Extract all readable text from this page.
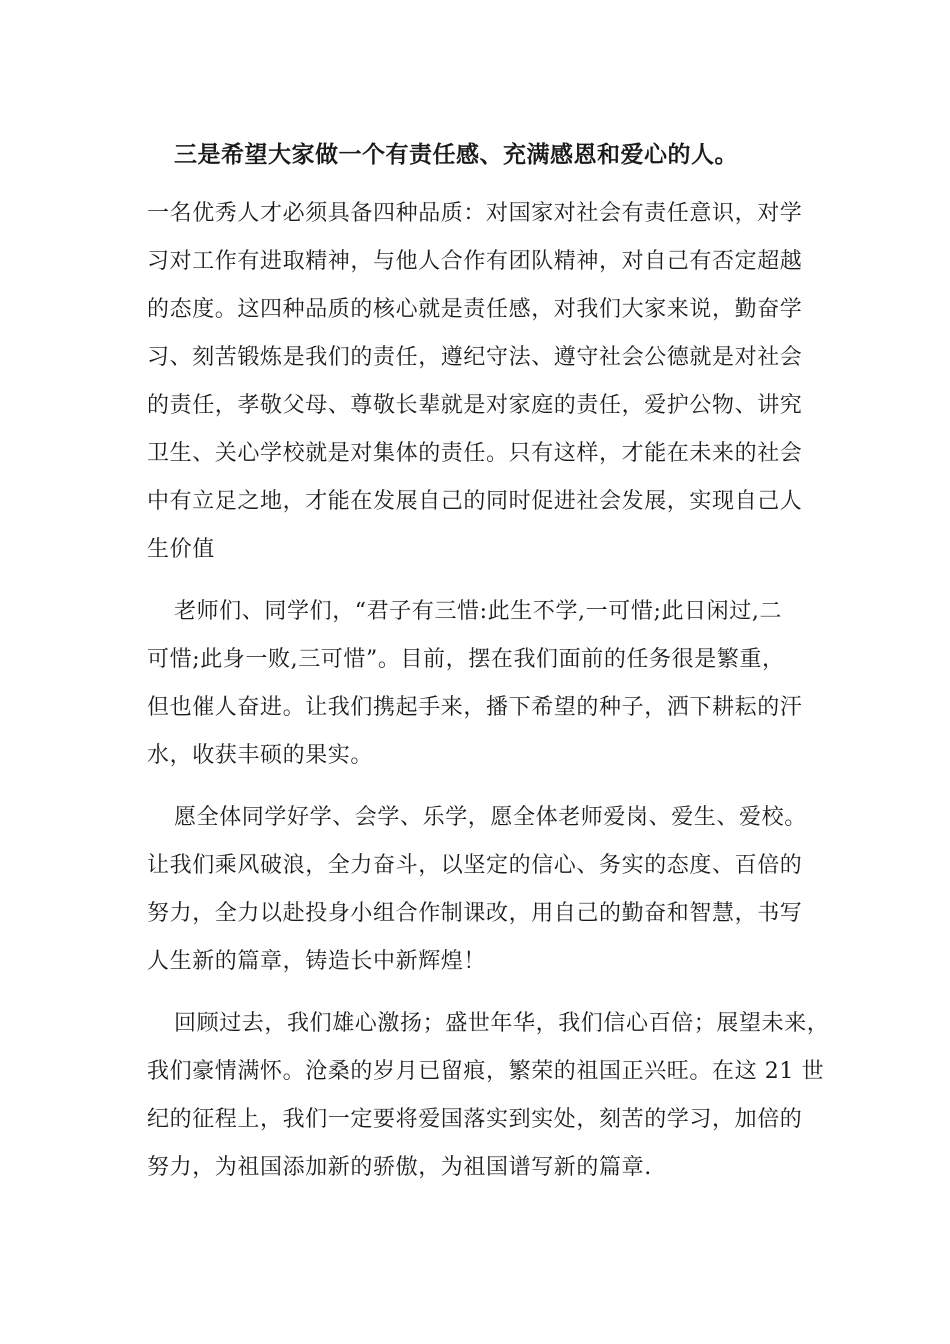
三是希望大家做一个有责任感、充满感恩和爱心的人。
一名优秀人才必须具备四种品质：对国家对社会有责任意识，对学
习对工作有进取精神，与他人合作有团队精神，对自己有否定超越
的态度。这四种品质的核心就是责任感，对我们大家来说，勤奋学
习、刻苦锻炼是我们的责任，遵纪守法、遵守社会公德就是对社会
的责任，孝敬父母、尊敬长辈就是对家庭的责任，爱护公物、讲究
卫生、关心学校就是对集体的责任。只有这样，才能在未来的社会
中有立足之地，才能在发展自己的同时促进社会发展，实现自己人
生价值
老师们、同学们，“君子有三惜:此生不学,一可惜;此日闲过,二
可惜;此身一败,三可惜”。目前，摆在我们面前的任务很是繁重，
但也催人奋进。让我们携起手来，播下希望的种子，洒下耕耘的汗
水，收获丰硕的果实。
愿全体同学好学、会学、乐学，愿全体老师爱岗、爱生、爱校。
让我们乘风破浪，全力奋斗，以坚定的信心、务实的态度、百倍的
努力，全力以赴投身小组合作制课改，用自己的勤奋和智慧，书写
人生新的篇章，铸造长中新辉煌！
回顾过去，我们雄心激扬；盛世年华，我们信心百倍；展望未来，
我们豪情满怀。沧桑的岁月已留痕，繁荣的祖国正兴旺。在这 21 世
纪的征程上，我们一定要将爱国落实到实处，刻苦的学习，加倍的
努力，为祖国添加新的骄傲，为祖国谱写新的篇章.
